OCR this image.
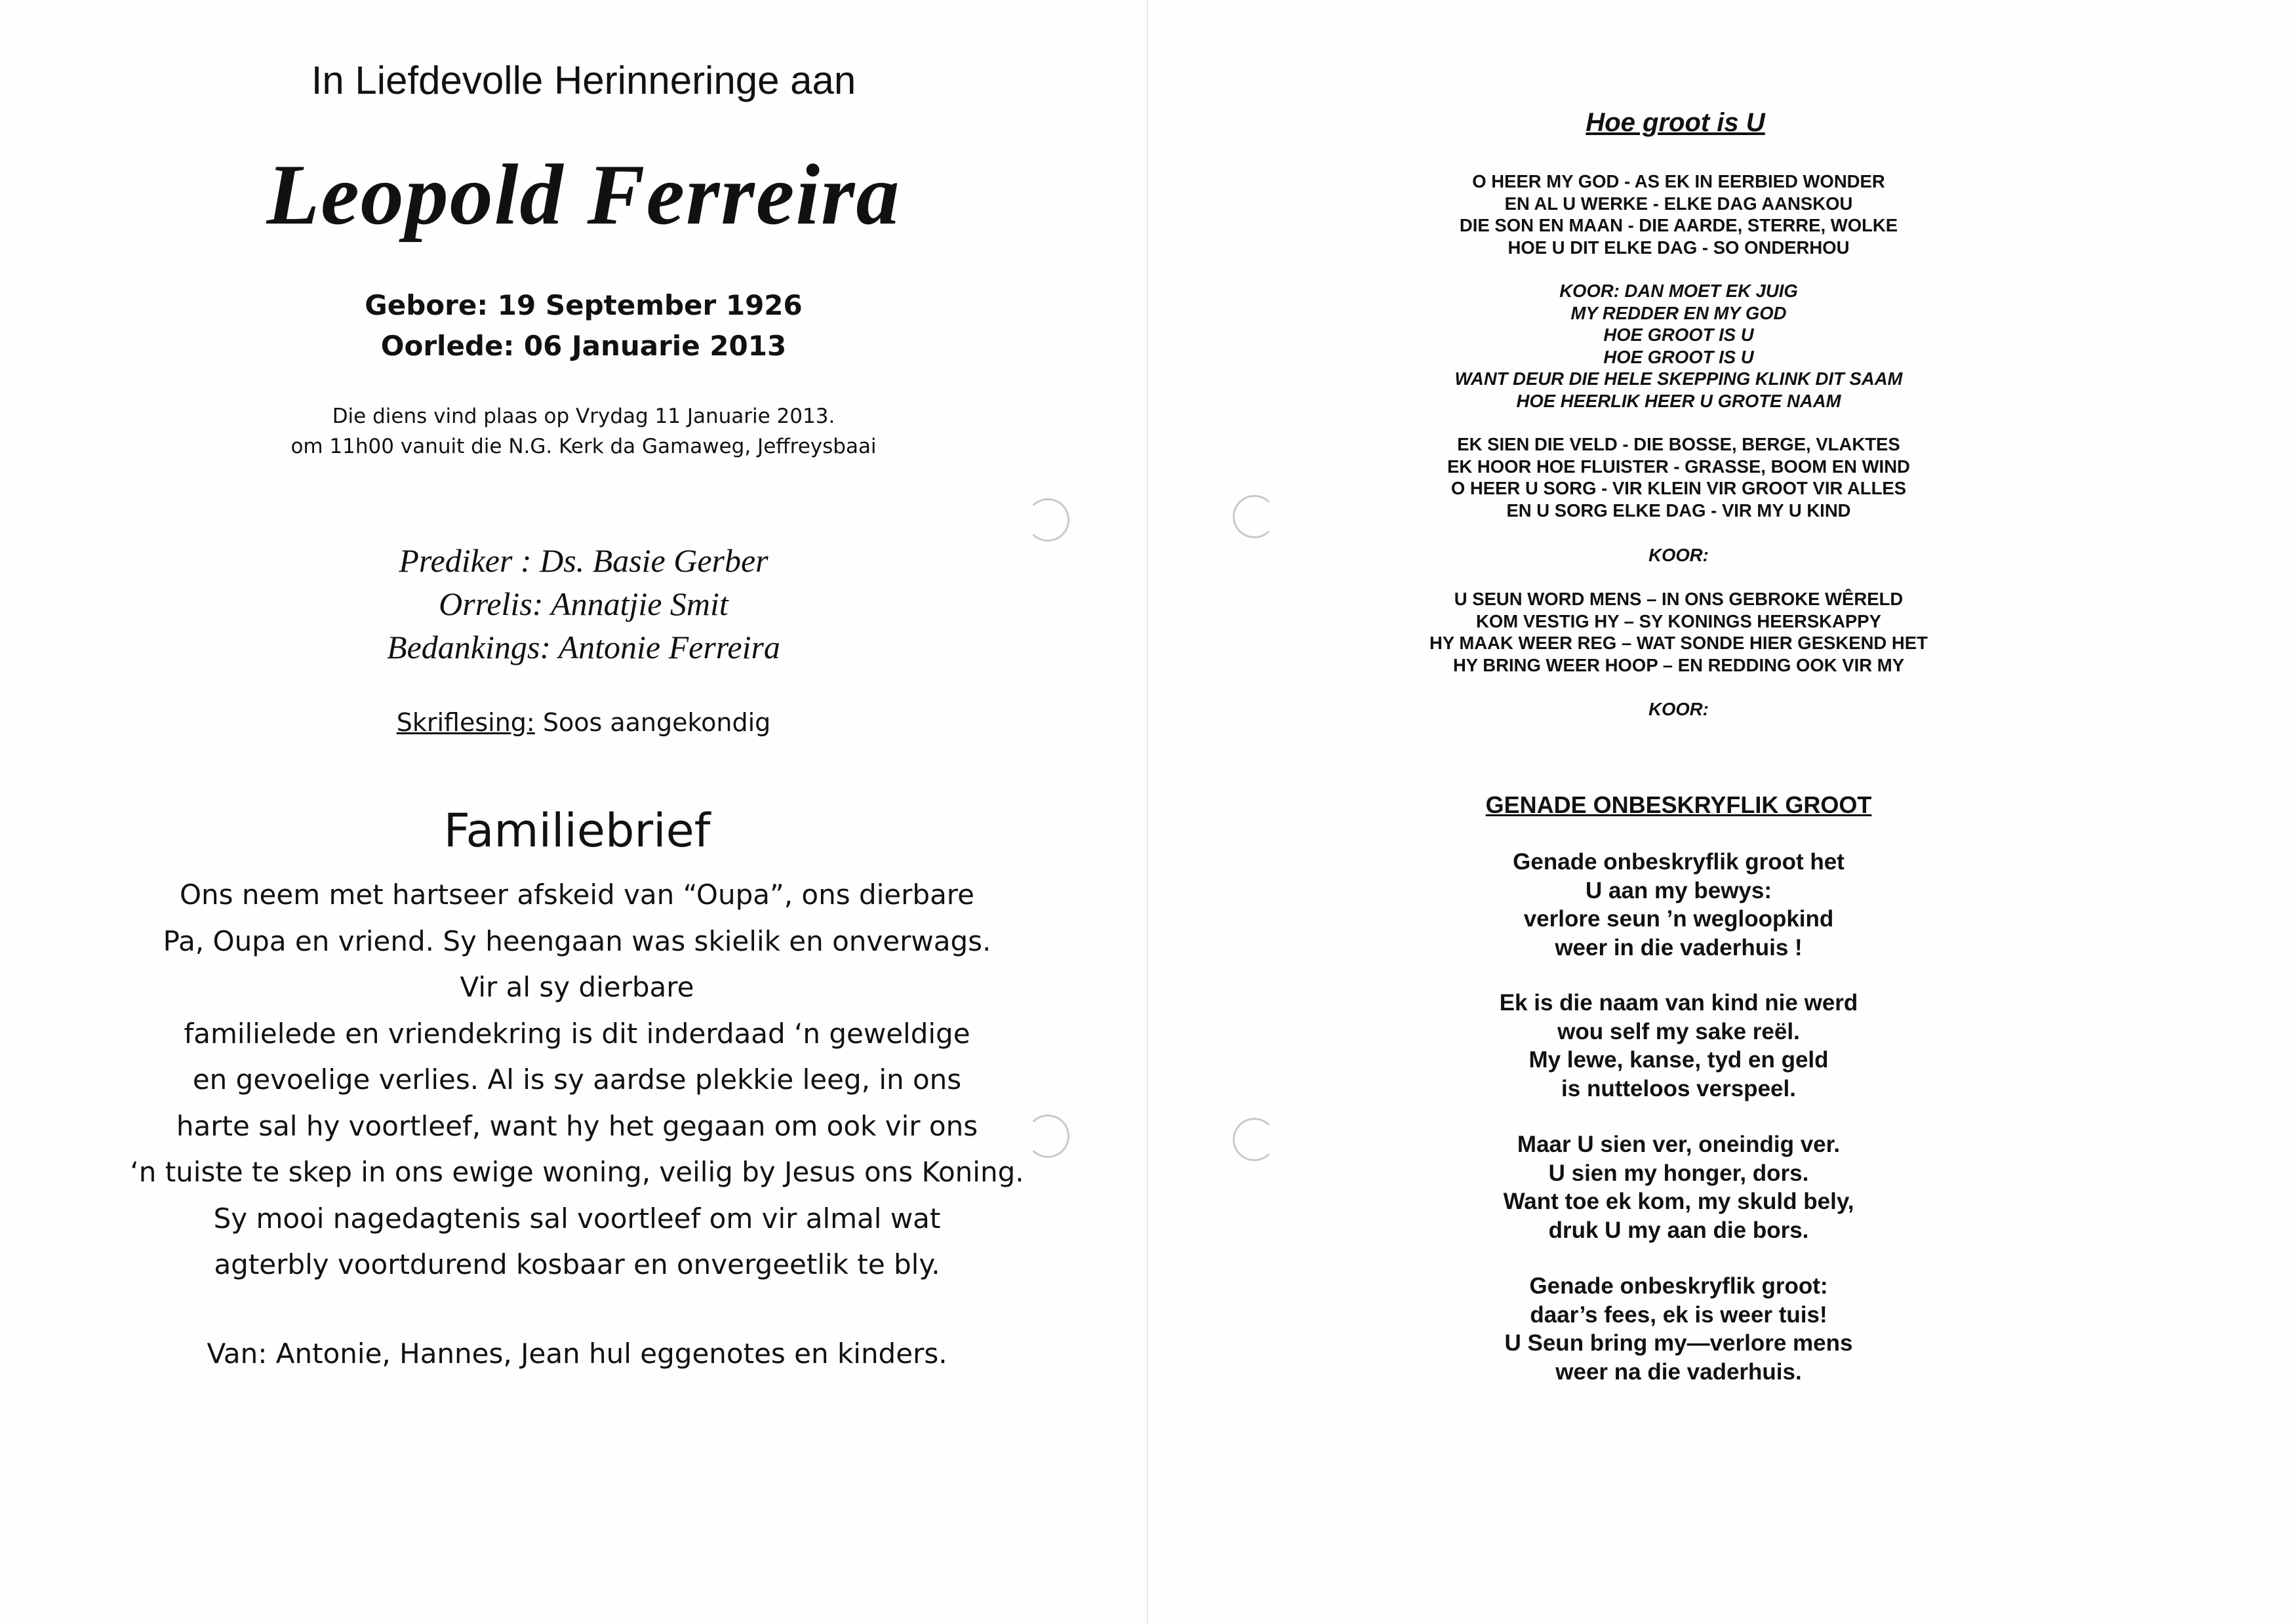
In Liefdevolle Herinneringe aan
Leopold Ferreira
Gebore: 19 September 1926
Oorlede: 06 Januarie 2013
Die diens vind plaas op Vrydag 11 Januarie 2013.
om 11h00 vanuit die N.G. Kerk da Gamaweg, Jeffreysbaai
Prediker : Ds. Basie Gerber
Orrelis: Annatjie Smit
Bedankings: Antonie Ferreira
Skriflesing: Soos aangekondig
Familiebrief
Ons neem met hartseer afskeid van “Oupa”, ons dierbare
Pa, Oupa en vriend. Sy heengaan was skielik en onverwags.
Vir al sy dierbare
familielede en vriendekring is dit inderdaad ‘n geweldige
en gevoelige verlies. Al is sy aardse plekkie leeg, in ons
harte sal hy voortleef, want hy het gegaan om ook vir ons
‘n tuiste te skep in ons ewige woning, veilig by Jesus ons Koning.
Sy mooi nagedagtenis sal voortleef om vir almal wat
agterbly voortdurend kosbaar en onvergeetlik te bly.
Van: Antonie, Hannes, Jean hul eggenotes en kinders.
Hoe groot is U
O HEER MY GOD - AS EK IN EERBIED WONDER
EN AL U WERKE - ELKE DAG AANSKOU
DIE SON EN MAAN - DIE AARDE, STERRE, WOLKE
HOE U DIT ELKE DAG - SO ONDERHOU
KOOR: DAN MOET EK JUIG
MY REDDER EN MY GOD
HOE GROOT IS U
HOE GROOT IS U
WANT DEUR DIE HELE SKEPPING KLINK DIT SAAM
HOE HEERLIK HEER U GROTE NAAM
EK SIEN DIE VELD - DIE BOSSE, BERGE, VLAKTES
EK HOOR HOE FLUISTER - GRASSE, BOOM EN WIND
O HEER U SORG - VIR KLEIN VIR GROOT VIR ALLES
EN U SORG ELKE DAG - VIR MY U KIND
KOOR:
U SEUN WORD MENS – IN ONS GEBROKE WÊRELD
KOM VESTIG HY – SY KONINGS HEERSKAPPY
HY MAAK WEER REG – WAT SONDE HIER GESKEND HET
HY BRING WEER HOOP – EN REDDING OOK VIR MY
KOOR:
GENADE ONBESKRYFLIK GROOT
Genade onbeskryflik groot het
U aan my bewys:
verlore seun ’n wegloopkind
weer in die vaderhuis !
Ek is die naam van kind nie werd
wou self my sake reël.
My lewe, kanse, tyd en geld
is nutteloos verspeel.
Maar U sien ver, oneindig ver.
U sien my honger, dors.
Want toe ek kom, my skuld bely,
druk U my aan die bors.
Genade onbeskryflik groot:
daar’s fees, ek is weer tuis!
U Seun bring my—verlore mens
weer na die vaderhuis.
